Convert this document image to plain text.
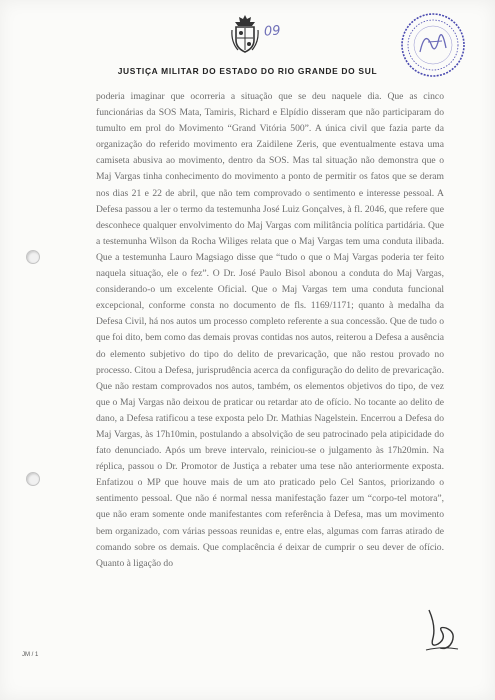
09
JUSTIÇA MILITAR DO ESTADO DO RIO GRANDE DO SUL

poderia imaginar que ocorreria a situação que se deu naquele dia. Que as cinco funcionárias da SOS Mata, Tamiris, Richard e Elpídio disseram que não participaram do tumulto em prol do Movimento “Grand Vitória 500”. A única civil que fazia parte da organização do referido movimento era Zaidilene Zeris, que eventualmente estava uma camiseta abusiva ao movimento, dentro da SOS. Mas tal situação não demonstra que o Maj Vargas tinha conhecimento do movimento a ponto de permitir os fatos que se deram nos dias 21 e 22 de abril, que não tem comprovado o sentimento e interesse pessoal. A Defesa passou a ler o termo da testemunha José Luiz Gonçalves, à fl. 2046, que refere que desconhece qualquer envolvimento do Maj Vargas com militância política partidária. Que a testemunha Wilson da Rocha Wiliges relata que o Maj Vargas tem uma conduta ilibada. Que a testemunha Lauro Magsiago disse que “tudo o que o Maj Vargas poderia ter feito naquela situação, ele o fez”. O Dr. José Paulo Bisol abonou a conduta do Maj Vargas, considerando-o um excelente Oficial. Que o Maj Vargas tem uma conduta funcional excepcional, conforme consta no documento de fls. 1169/1171; quanto à medalha da Defesa Civil, há nos autos um processo completo referente a sua concessão. Que de tudo o que foi dito, bem como das demais provas contidas nos autos, reiterou a Defesa a ausência do elemento subjetivo do tipo do delito de prevaricação, que não restou provado no processo. Citou a Defesa, jurisprudência acerca da configuração do delito de prevaricação. Que não restam comprovados nos autos, também, os elementos objetivos do tipo, de vez que o Maj Vargas não deixou de praticar ou retardar ato de ofício. No tocante ao delito de dano, a Defesa ratificou a tese exposta pelo Dr. Mathias Nagelstein. Encerrou a Defesa do Maj Vargas, às 17h10min, postulando a absolvição de seu patrocinado pela atipicidade do fato denunciado. Após um breve intervalo, reiniciou-se o julgamento às 17h20min. Na réplica, passou o Dr. Promotor de Justiça a rebater uma tese não anteriormente exposta. Enfatizou o MP que houve mais de um ato praticado pelo Cel Santos, priorizando o sentimento pessoal. Que não é normal nessa manifestação fazer um “corpo-tel motora”, que não eram somente onde manifestantes com referência à Defesa, mas um movimento bem organizado, com várias pessoas reunidas e, entre elas, algumas com farras atirado de comando sobre os demais. Que complacência é deixar de cumprir o seu dever de ofício. Quanto à ligação do

JM / 1
